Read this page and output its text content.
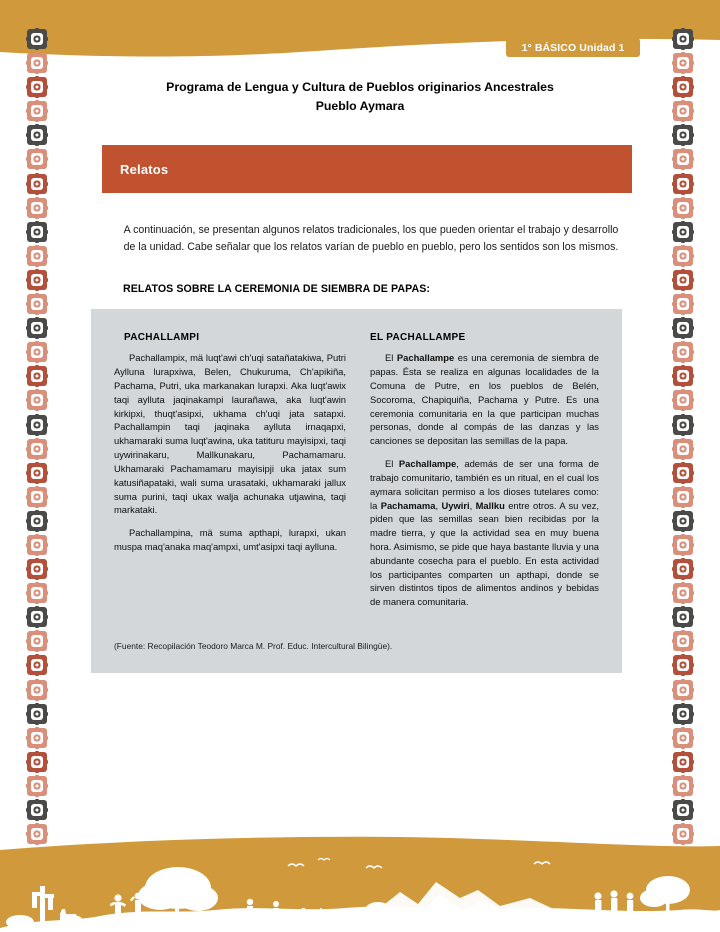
1° BÁSICO Unidad 1
Programa de Lengua y Cultura de Pueblos originarios Ancestrales
Pueblo Aymara
Relatos
A continuación, se presentan algunos relatos tradicionales, los que pueden orientar el trabajo y desarrollo de la unidad. Cabe señalar que los relatos varían de pueblo en pueblo, pero los sentidos son los mismos.
RELATOS SOBRE LA CEREMONIA DE SIEMBRA DE PAPAS:
PACHALLAMPI
Pachallampix, mä luqt'awi ch'uqi satañatakiwa, Putri Aylluna lurapxiwa, Belen, Chukuruma, Ch'apikiña, Pachama, Putri, uka markanakan lurapxi. Aka luqt'awix taqi aylluta jaqinakampi laurañawa, aka luqt'awin kirkipxi, thuqt'asipxi, ukhama ch'uqi jata satapxi. Pachallampin taqi jaqinaka aylluta irnaqapxi, ukhamaraki suma luqt'awina, uka tatituru mayisipxi, taqi uywirinakaru, Mallkunakaru, Pachamamaru. Ukhamaraki Pachamamaru mayisipji uka jatax sum katusiñapataki, wali suma urasataki, ukhamaraki jallux suma purini, taqi ukax walja achunaka utjawina, taqi markataki.
Pachallampina, mä suma apthapi, lurapxi, ukan muspa maq'anaka maq'ampxi, umt'asipxi taqi aylluna.
EL PACHALLAMPE
El Pachallampe es una ceremonia de siembra de papas. Ésta se realiza en algunas localidades de la Comuna de Putre, en los pueblos de Belén, Socoroma, Chapiquiña, Pachama y Putre. Es una ceremonia comunitaria en la que participan muchas personas, donde al compás de las danzas y las canciones se depositan las semillas de la papa.
El Pachallampe, además de ser una forma de trabajo comunitario, también es un ritual, en el cual los aymara solicitan permiso a los dioses tutelares como: la Pachamama, Uywiri, Mallku entre otros. A su vez, piden que las semillas sean bien recibidas por la madre tierra, y que la actividad sea en muy buena hora. Asimismo, se pide que haya bastante lluvia y una abundante cosecha para el pueblo. En esta actividad los participantes comparten un apthapi, donde se sirven distintos tipos de alimentos andinos y bebidas de manera comunitaria.
(Fuente: Recopilación Teodoro Marca M. Prof. Educ. Intercultural Bilingüe).
